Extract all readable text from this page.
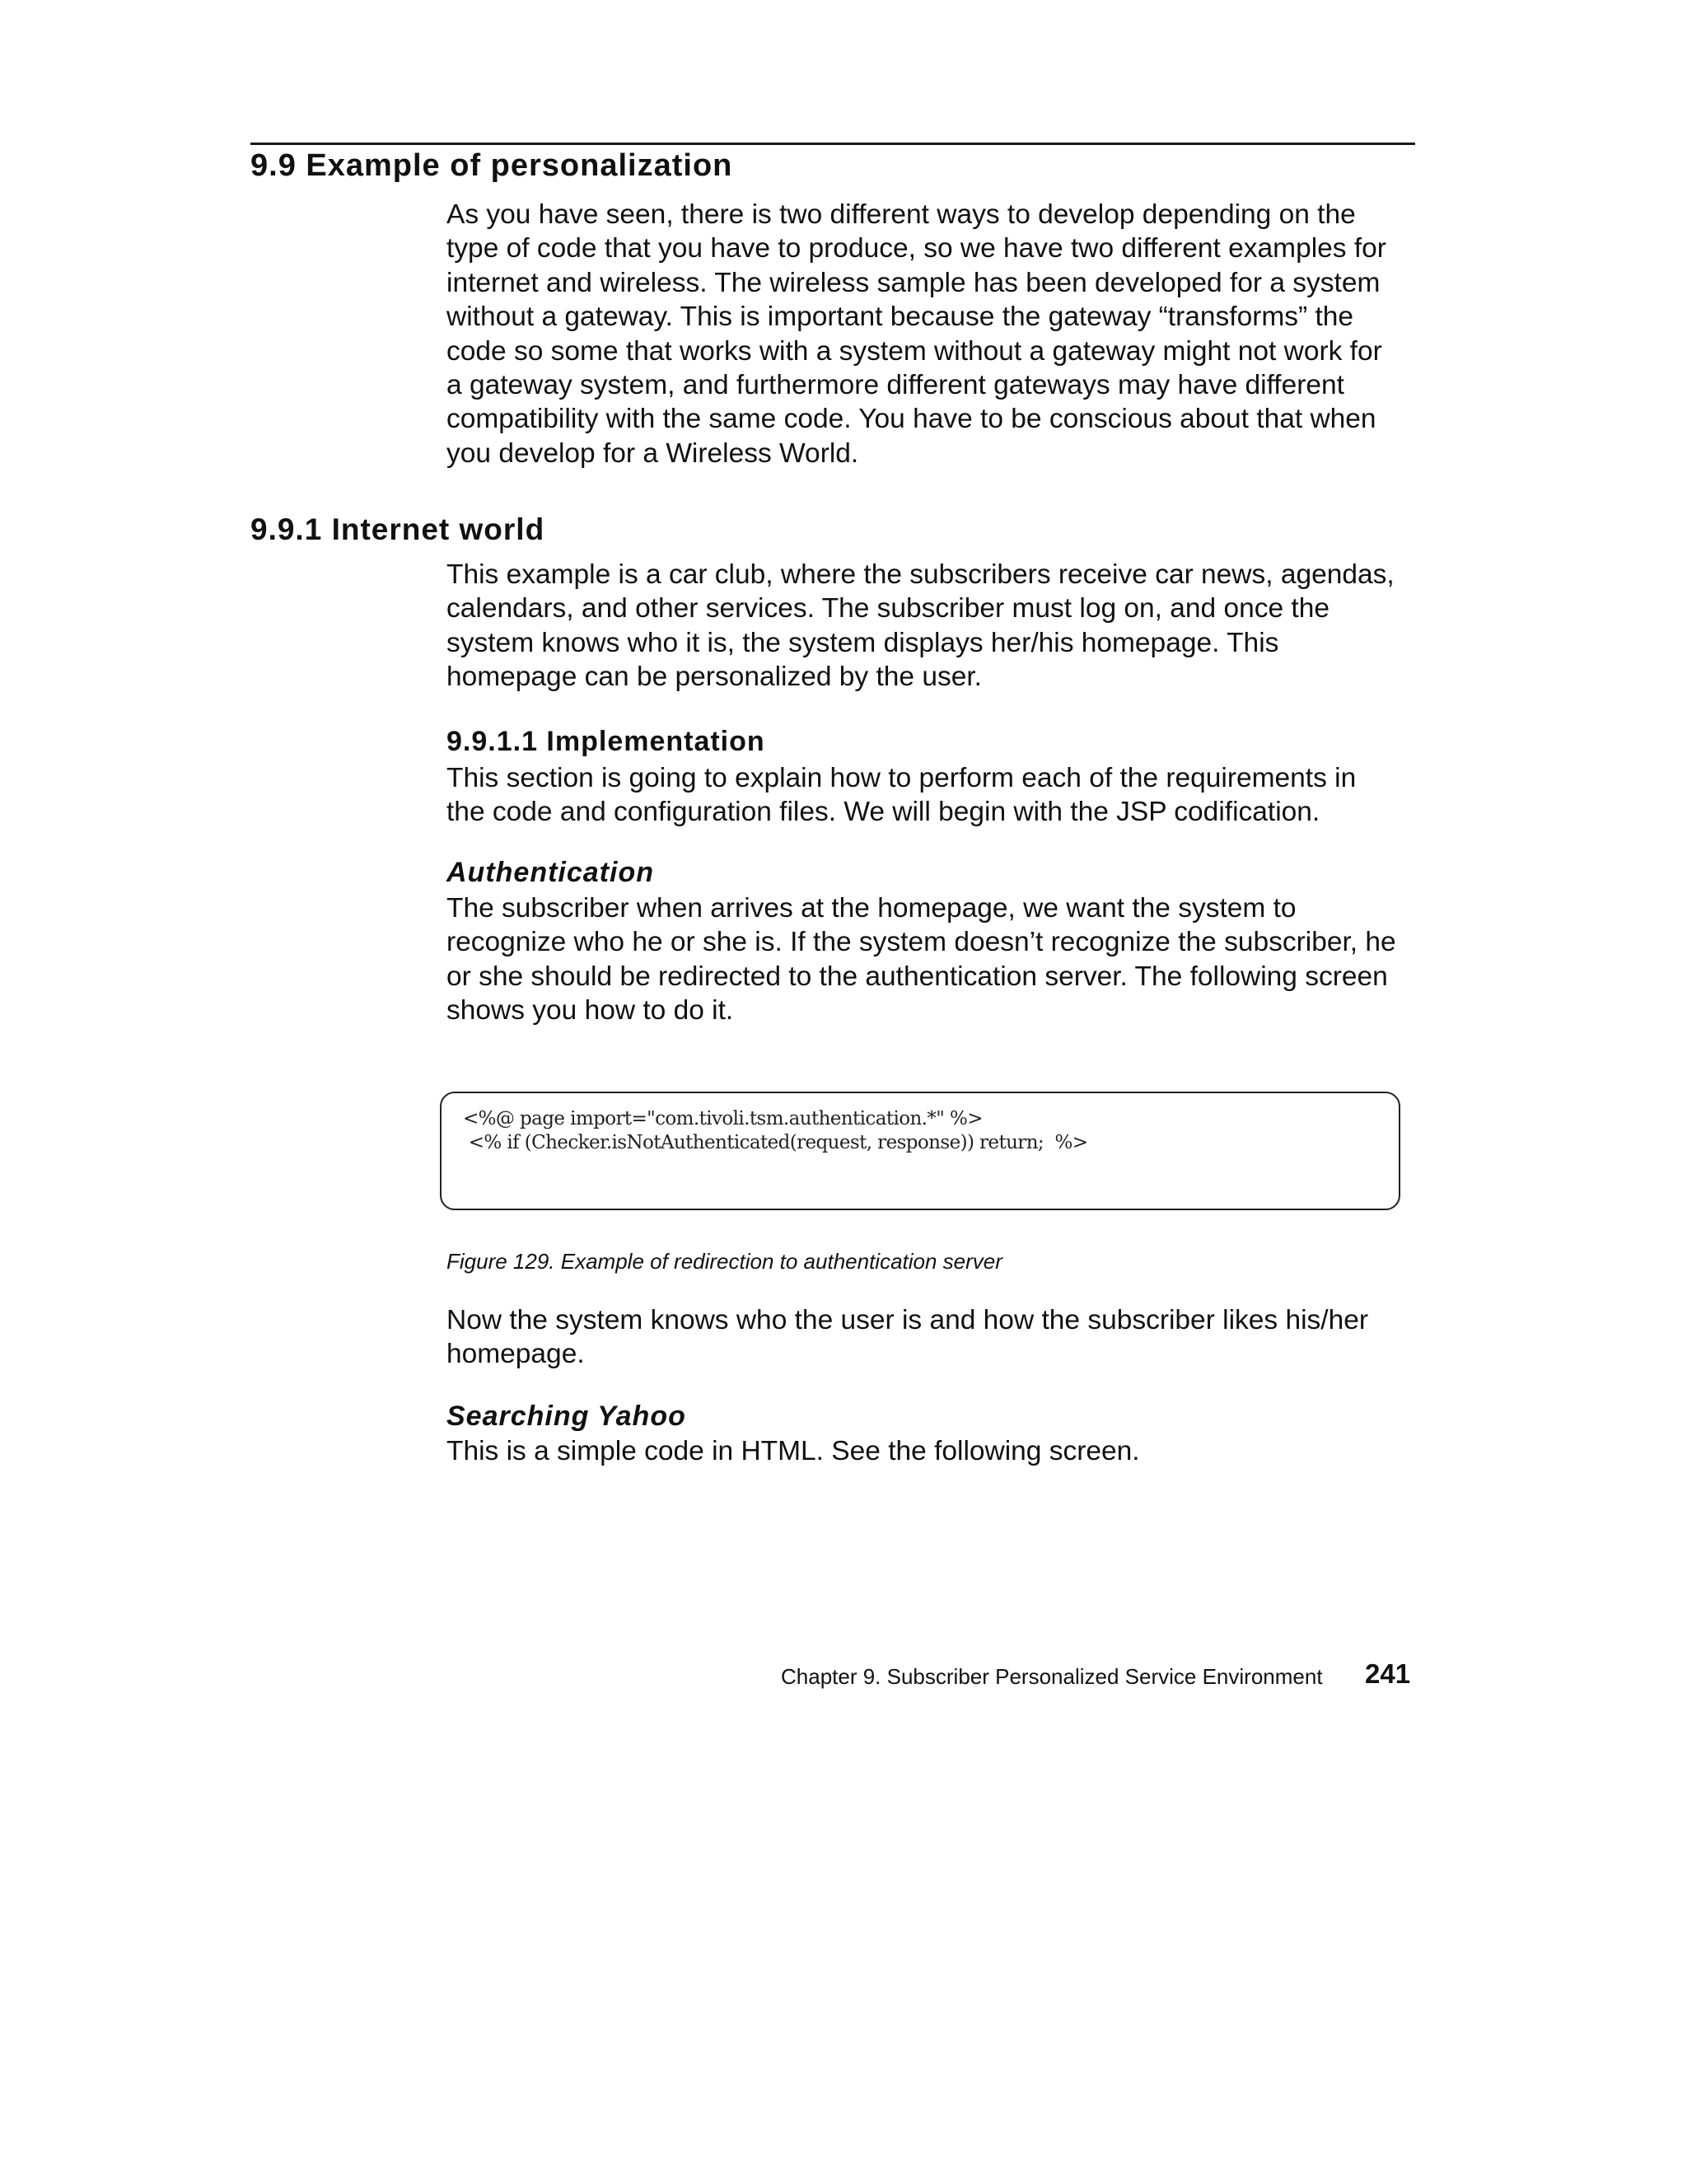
9.9 Example of personalization
As you have seen, there is two different ways to develop depending on the
type of code that you have to produce, so we have two different examples for
internet and wireless. The wireless sample has been developed for a system
without a gateway. This is important because the gateway “transforms” the
code so some that works with a system without a gateway might not work for
a gateway system, and furthermore different gateways may have different
compatibility with the same code. You have to be conscious about that when
you develop for a Wireless World.
9.9.1 Internet world
This example is a car club, where the subscribers receive car news, agendas,
calendars, and other services. The subscriber must log on, and once the
system knows who it is, the system displays her/his homepage. This
homepage can be personalized by the user.
9.9.1.1 Implementation
This section is going to explain how to perform each of the requirements in
the code and configuration files. We will begin with the JSP codification.
Authentication
The subscriber when arrives at the homepage, we want the system to
recognize who he or she is. If the system doesn’t recognize the subscriber, he
or she should be redirected to the authentication server. The following screen
shows you how to do it.
<%@ page import="com.tivoli.tsm.authentication.*" %>
<% if (Checker.isNotAuthenticated(request, response)) return;  %>
Figure 129. Example of redirection to authentication server
Now the system knows who the user is and how the subscriber likes his/her
homepage.
Searching Yahoo
This is a simple code in HTML. See the following screen.
Chapter 9. Subscriber Personalized Service Environment 241
